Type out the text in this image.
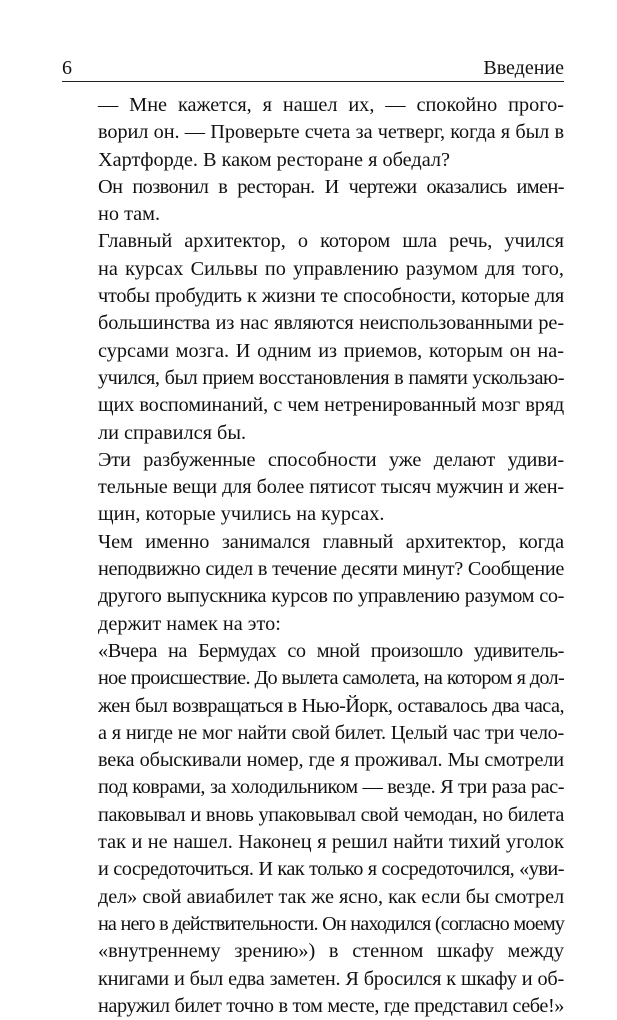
6	Введение

— Мне кажется, я нашел их, — спокойно прого-
ворил он. — Проверьте счета за четверг, когда я был в
Хартфорде. В каком ресторане я обедал?

Он позвонил в ресторан. И чертежи оказались имен-
но там.

Главный архитектор, о котором шла речь, учился
на курсах Сильвы по управлению разумом для того,
чтобы пробудить к жизни те способности, которые для
большинства из нас являются неиспользованными ре-
сурсами мозга. И одним из приемов, которым он на-
учился, был прием восстановления в памяти ускользаю-
щих воспоминаний, с чем нетренированный мозг вряд
ли справился бы.

Эти разбуженные способности уже делают удиви-
тельные вещи для более пятисот тысяч мужчин и жен-
щин, которые учились на курсах.

Чем именно занимался главный архитектор, когда
неподвижно сидел в течение десяти минут? Сообщение
другого выпускника курсов по управлению разумом со-
держит намек на это:

«Вчера на Бермудах со мной произошло удивитель-
ное происшествие. До вылета самолета, на котором я дол-
жен был возвращаться в Нью-Йорк, оставалось два часа,
а я нигде не мог найти свой билет. Целый час три чело-
века обыскивали номер, где я проживал. Мы смотрели
под коврами, за холодильником — везде. Я три раза рас-
паковывал и вновь упаковывал свой чемодан, но билета
так и не нашел. Наконец я решил найти тихий уголок
и сосредоточиться. И как только я сосредоточился, «уви-
дел» свой авиабилет так же ясно, как если бы смотрел
на него в действительности. Он находился (согласно моему
«внутреннему зрению») в стенном шкафу между
книгами и был едва заметен. Я бросился к шкафу и об-
наружил билет точно в том месте, где представил себе!»
